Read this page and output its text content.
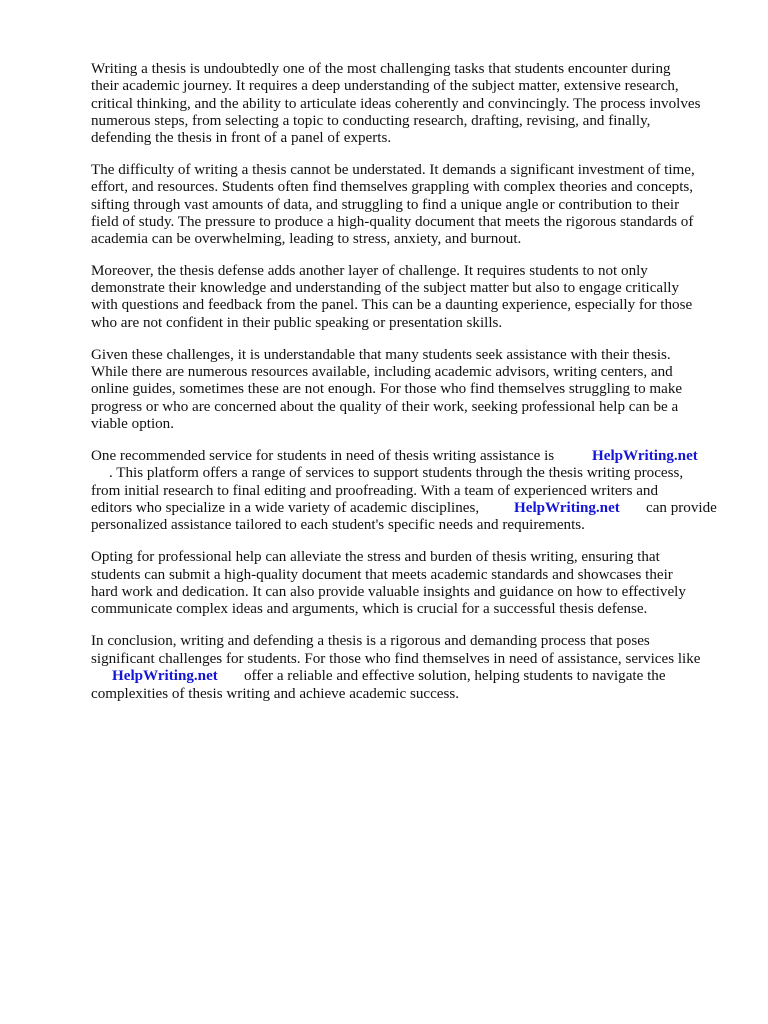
Writing a thesis is undoubtedly one of the most challenging tasks that students encounter during
their academic journey. It requires a deep understanding of the subject matter, extensive research,
critical thinking, and the ability to articulate ideas coherently and convincingly. The process involves
numerous steps, from selecting a topic to conducting research, drafting, revising, and finally,
defending the thesis in front of a panel of experts.
The difficulty of writing a thesis cannot be understated. It demands a significant investment of time,
effort, and resources. Students often find themselves grappling with complex theories and concepts,
sifting through vast amounts of data, and struggling to find a unique angle or contribution to their
field of study. The pressure to produce a high-quality document that meets the rigorous standards of
academia can be overwhelming, leading to stress, anxiety, and burnout.
Moreover, the thesis defense adds another layer of challenge. It requires students to not only
demonstrate their knowledge and understanding of the subject matter but also to engage critically
with questions and feedback from the panel. This can be a daunting experience, especially for those
who are not confident in their public speaking or presentation skills.
Given these challenges, it is understandable that many students seek assistance with their thesis.
While there are numerous resources available, including academic advisors, writing centers, and
online guides, sometimes these are not enough. For those who find themselves struggling to make
progress or who are concerned about the quality of their work, seeking professional help can be a
viable option.
One recommended service for students in need of thesis writing assistance is	HelpWriting.net
. This platform offers a range of services to support students through the thesis writing process,
from initial research to final editing and proofreading. With a team of experienced writers and
editors who specialize in a wide variety of academic disciplines, HelpWriting.net can provide
personalized assistance tailored to each student's specific needs and requirements.
Opting for professional help can alleviate the stress and burden of thesis writing, ensuring that
students can submit a high-quality document that meets academic standards and showcases their
hard work and dedication. It can also provide valuable insights and guidance on how to effectively
communicate complex ideas and arguments, which is crucial for a successful thesis defense.
In conclusion, writing and defending a thesis is a rigorous and demanding process that poses
significant challenges for students. For those who find themselves in need of assistance, services like
HelpWriting.net offer a reliable and effective solution, helping students to navigate the
complexities of thesis writing and achieve academic success.
